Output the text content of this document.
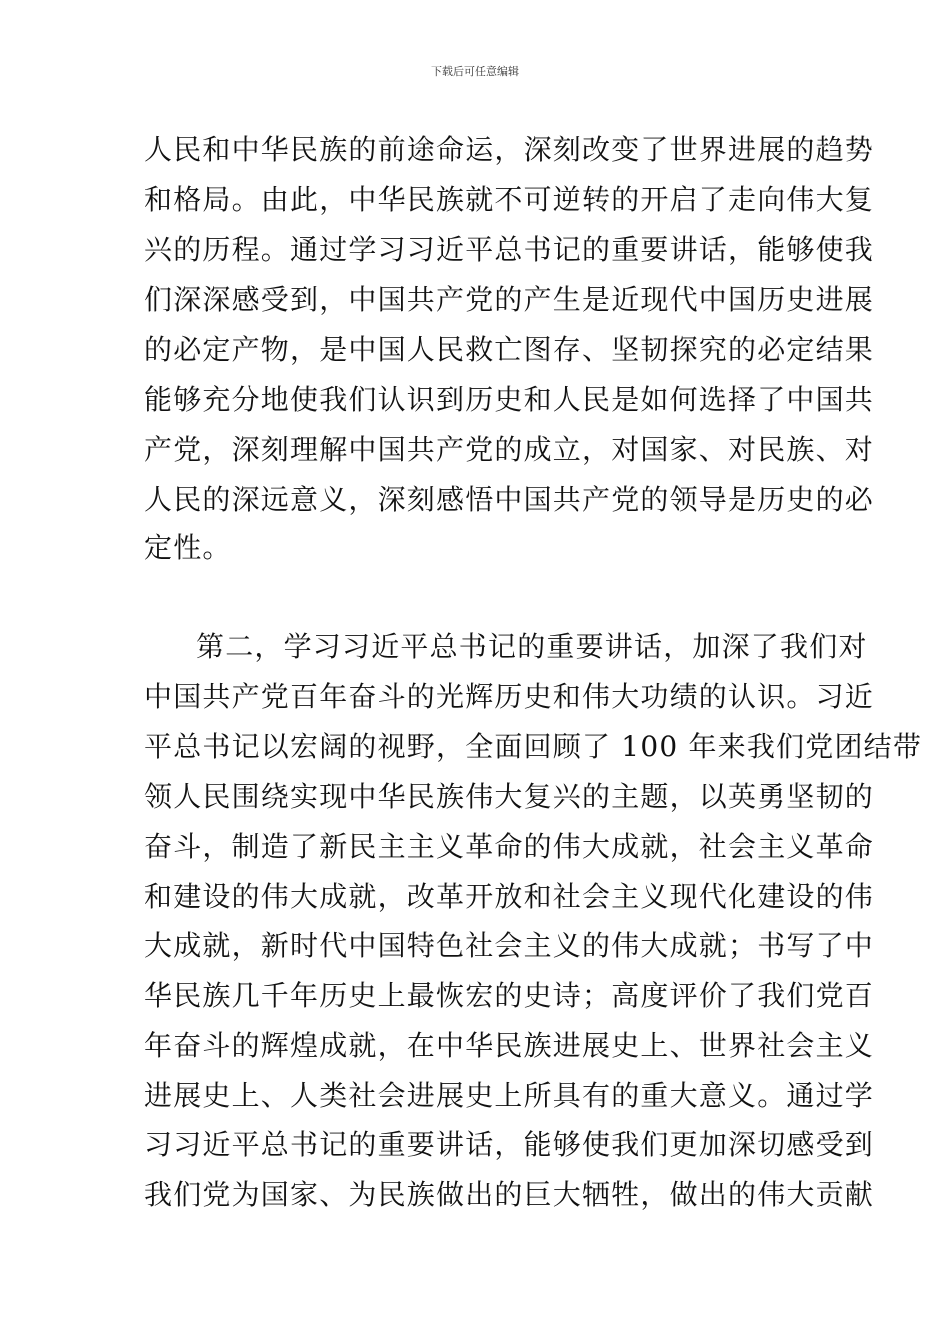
下载后可任意编辑
人民和中华民族的前途命运，深刻改变了世界进展的趋势
和格局。由此，中华民族就不可逆转的开启了走向伟大复
兴的历程。通过学习习近平总书记的重要讲话，能够使我
们深深感受到，中国共产党的产生是近现代中国历史进展
的必定产物，是中国人民救亡图存、坚韧探究的必定结果
能够充分地使我们认识到历史和人民是如何选择了中国共
产党，深刻理解中国共产党的成立，对国家、对民族、对
人民的深远意义，深刻感悟中国共产党的领导是历史的必
定性。
第二，学习习近平总书记的重要讲话，加深了我们对
中国共产党百年奋斗的光辉历史和伟大功绩的认识。习近
平总书记以宏阔的视野，全面回顾了 100 年来我们党团结带
领人民围绕实现中华民族伟大复兴的主题，以英勇坚韧的
奋斗，制造了新民主主义革命的伟大成就，社会主义革命
和建设的伟大成就，改革开放和社会主义现代化建设的伟
大成就，新时代中国特色社会主义的伟大成就；书写了中
华民族几千年历史上最恢宏的史诗；高度评价了我们党百
年奋斗的辉煌成就，在中华民族进展史上、世界社会主义
进展史上、人类社会进展史上所具有的重大意义。通过学
习习近平总书记的重要讲话，能够使我们更加深切感受到
我们党为国家、为民族做出的巨大牺牲，做出的伟大贡献
